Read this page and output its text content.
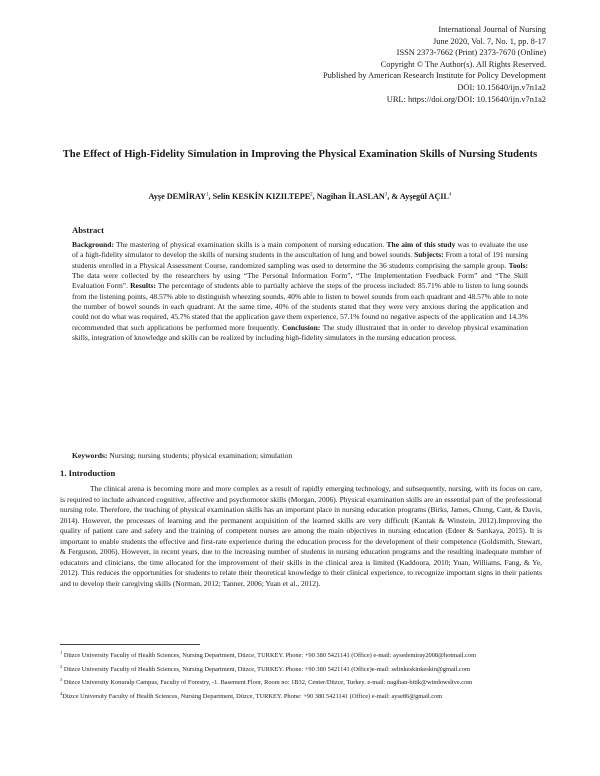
International Journal of Nursing
June 2020, Vol. 7, No. 1, pp. 8-17
ISSN 2373-7662 (Print) 2373-7670 (Online)
Copyright © The Author(s). All Rights Reserved.
Published by American Research Institute for Policy Development
DOI: 10.15640/ijn.v7n1a2
URL: https://doi.org/DOI: 10.15640/ijn.v7n1a2
The Effect of High-Fidelity Simulation in Improving the Physical Examination Skills of Nursing Students
Ayşe DEMİRAY$^1$, Selin KESKİN KIZILTEPE$^2$, Nagihan İLASLAN$^3$, & Ayşegül AÇIL$^4$
Abstract
Background: The mastering of physical examination skills is a main component of nursing education. The aim of this study was to evaluate the use of a high-fidelity simulator to develop the skills of nursing students in the auscultation of lung and bowel sounds. Subjects: From a total of 191 nursing students enrolled in a Physical Assessment Course, randomized sampling was used to determine the 36 students comprising the sample group. Tools: The data were collected by the researchers by using “The Personal Information Form”, “The Implementation Feedback Form” and “The Skill Evaluation Form”. Results: The percentage of students able to partially achieve the steps of the process included: 85.71% able to listen to lung sounds from the listening points, 48.57% able to distinguish wheezing sounds, 40% able to listen to bowel sounds from each quadrant and 48.57% able to note the number of bowel sounds in each quadrant. At the same time, 40% of the students stated that they were very anxious during the application and could not do what was required, 45.7% stated that the application gave them experience, 57.1% found no negative aspects of the application and 14.3% recommended that such applications be performed more frequently. Conclusion: The study illustrated that in order to develop physical examination skills, integration of knowledge and skills can be realized by including high-fidelity simulators in the nursing education process.
Keywords: Nursing; nursing students; physical examination; simulation
1. Introduction

The clinical arena is becoming more and more complex as a result of rapidly emerging technology, and subsequently, nursing, with its focus on care, is required to include advanced cognitive, affective and psychomotor skills (Morgan, 2006). Physical examination skills are an essential part of the professional nursing role. Therefore, the teaching of physical examination skills has an important place in nursing education programs (Birks, James, Chung, Cant, & Davis, 2014). However, the processes of learning and the permanent acquisition of the learned skills are very difficult (Kantak & Winstein, 2012).Improving the quality of patient care and safety and the training of competent nurses are among the main objectives in nursing education (Edeer & Sarıkaya, 2015). It is important to enable students the effective and first-rate experience during the education process for the development of their competence (Goldsmith, Stewart, & Ferguson, 2006). However, in recent years, due to the increasing number of students in nursing education programs and the resulting inadequate number of educators and clinicians, the time allocated for the improvement of their skills in the clinical area is limited (Kaddoura, 2010; Yuan, Williams, Fang, & Ye, 2012). This reduces the opportunities for students to relate their theoretical knowledge to their clinical experience, to recognize important signs in their patients and to develop their caregiving skills (Norman, 2012; Tanner, 2006; Yuan et al., 2012).

$^1$ Düzce University Faculty of Health Sciences, Nursing Department, Düzce, TURKEY. Phone: +90 380 5421141 (Office) e-mail: aysedemiray2008@hotmail.com
$^2$ Düzce University Faculty of Health Sciences, Nursing Department, Düzce, TURKEY. Phone: +90 380 5421141 (Office)e-mail: selinkeskinkeskin@gmail.com
$^3$ Düzce University Konuralp Campus, Faculty of Forestry, -1. Basement Floor, Room no: 1B32, Center/Düzce, Turkey. e-mail: nagihan-bitik@windowslive.com
$^4$Düzce University Faculty of Health Sciences, Nursing Department, Düzce, TURKEY. Phone: +90 380 5421141 (Office) e-mail: ayse86@gmail.com
